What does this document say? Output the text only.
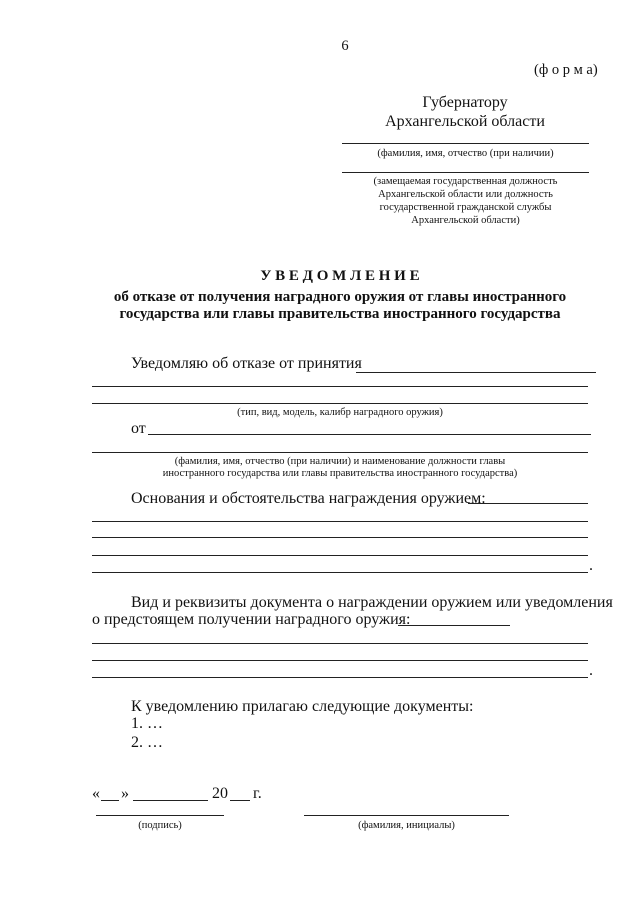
6
(ф о р м а)
Губернатору
Архангельской области
(фамилия, имя, отчество (при наличии)
(замещаемая государственная должность
Архангельской области или должность
государственной гражданской службы
Архангельской области)
У В Е Д О М Л Е Н И Е
об отказе от получения наградного оружия от главы иностранного
государства или главы правительства иностранного государства
Уведомляю об отказе от принятия
(тип, вид, модель, калибр наградного оружия)
от
(фамилия, имя, отчество (при наличии) и наименование должности главы
иностранного государства или главы правительства иностранного государства)
Основания и обстоятельства награждения оружием:
.
Вид и реквизиты документа о награждении оружием или уведомления
о предстоящем получении наградного оружия:
.
К уведомлению прилагаю следующие документы:
1. …
2. …
« »	20 г.
(подпись)	(фамилия, инициалы)
